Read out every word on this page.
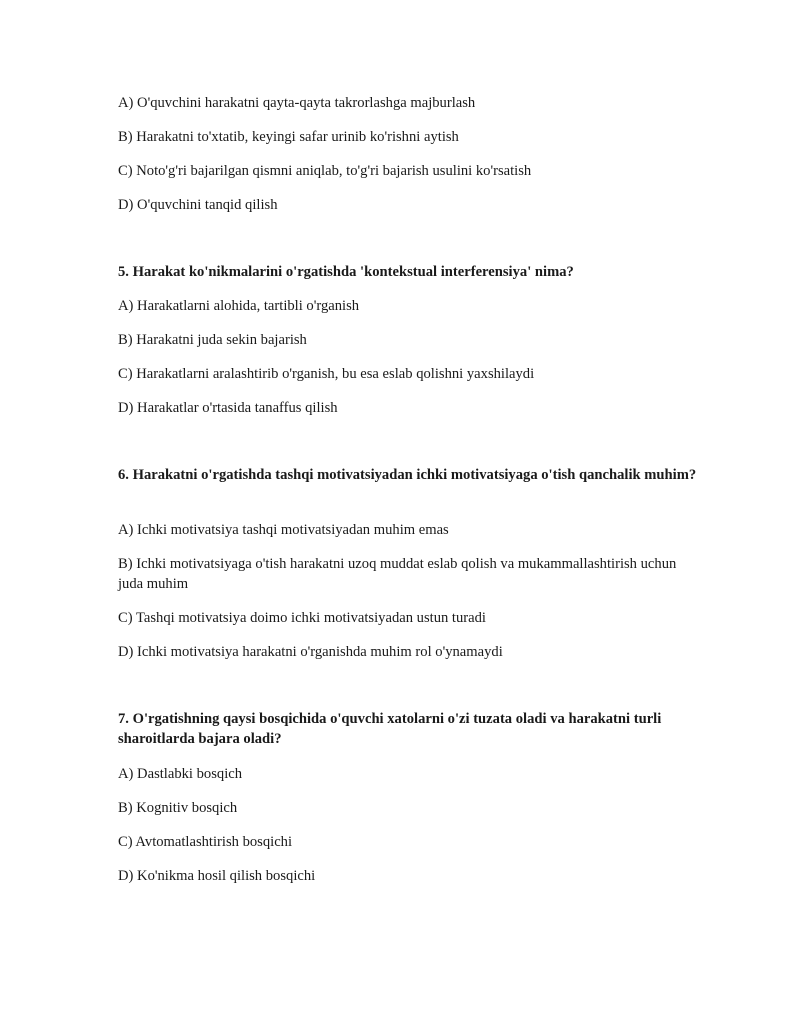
A) O'quvchini harakatni qayta-qayta takrorlashga majburlash
B) Harakatni to'xtatib, keyingi safar urinib ko'rishni aytish
C) Noto'g'ri bajarilgan qismni aniqlab, to'g'ri bajarish usulini ko'rsatish
D) O'quvchini tanqid qilish
5. Harakat ko'nikmalarini o'rgatishda 'kontekstual interferensiya' nima?
A) Harakatlarni alohida, tartibli o'rganish
B) Harakatni juda sekin bajarish
C) Harakatlarni aralashtirib o'rganish, bu esa eslab qolishni yaxshilaydi
D) Harakatlar o'rtasida tanaffus qilish
6. Harakatni o'rgatishda tashqi motivatsiyadan ichki motivatsiyaga o'tish qanchalik muhim?
A) Ichki motivatsiya tashqi motivatsiyadan muhim emas
B) Ichki motivatsiyaga o'tish harakatni uzoq muddat eslab qolish va mukammallashtirish uchun juda muhim
C) Tashqi motivatsiya doimo ichki motivatsiyadan ustun turadi
D) Ichki motivatsiya harakatni o'rganishda muhim rol o'ynamaydi
7. O'rgatishning qaysi bosqichida o'quvchi xatolarni o'zi tuzata oladi va harakatni turli sharoitlarda bajara oladi?
A) Dastlabki bosqich
B) Kognitiv bosqich
C) Avtomatlashtirish bosqichi
D) Ko'nikma hosil qilish bosqichi
